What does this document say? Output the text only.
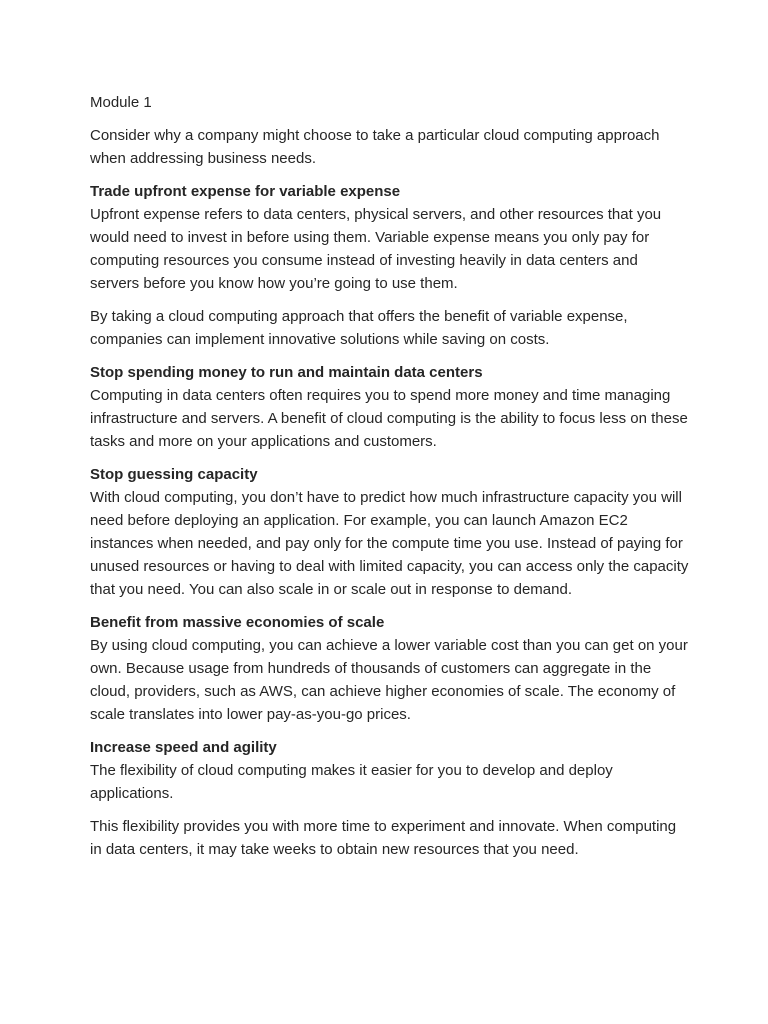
Module 1

Consider why a company might choose to take a particular cloud computing approach when addressing business needs.

Trade upfront expense for variable expense
Upfront expense refers to data centers, physical servers, and other resources that you would need to invest in before using them. Variable expense means you only pay for computing resources you consume instead of investing heavily in data centers and servers before you know how you’re going to use them.

By taking a cloud computing approach that offers the benefit of variable expense, companies can implement innovative solutions while saving on costs.

Stop spending money to run and maintain data centers
Computing in data centers often requires you to spend more money and time managing infrastructure and servers. A benefit of cloud computing is the ability to focus less on these tasks and more on your applications and customers.
Stop guessing capacity
With cloud computing, you don’t have to predict how much infrastructure capacity you will need before deploying an application. For example, you can launch Amazon EC2 instances when needed, and pay only for the compute time you use. Instead of paying for unused resources or having to deal with limited capacity, you can access only the capacity that you need. You can also scale in or scale out in response to demand.
Benefit from massive economies of scale
By using cloud computing, you can achieve a lower variable cost than you can get on your own. Because usage from hundreds of thousands of customers can aggregate in the cloud, providers, such as AWS, can achieve higher economies of scale. The economy of scale translates into lower pay-as-you-go prices.
Increase speed and agility
The flexibility of cloud computing makes it easier for you to develop and deploy applications.

This flexibility provides you with more time to experiment and innovate. When computing in data centers, it may take weeks to obtain new resources that you need.
